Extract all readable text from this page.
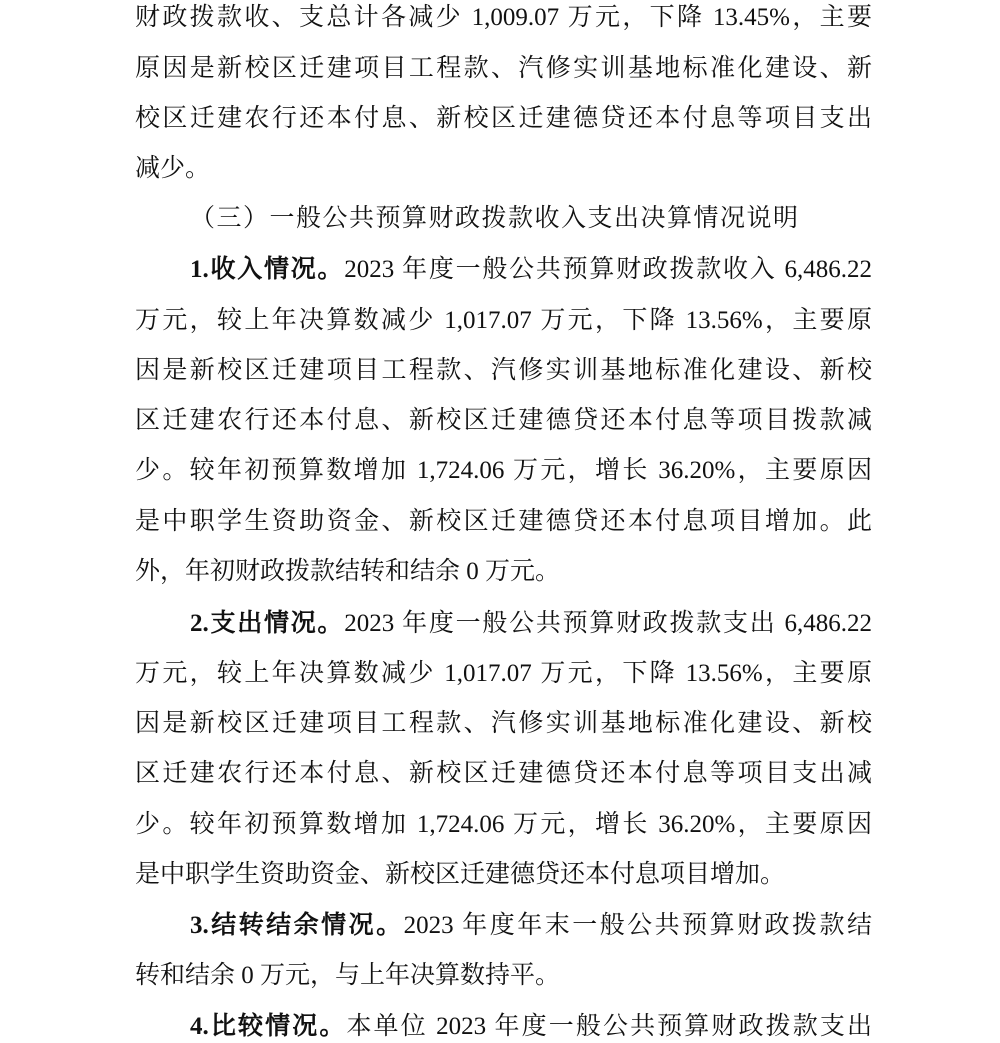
财政拨款收、支总计各减少 1,009.07 万元，下降 13.45%，主要
原因是新校区迁建项目工程款、汽修实训基地标准化建设、新
校区迁建农行还本付息、新校区迁建德贷还本付息等项目支出
减少。
（三）一般公共预算财政拨款收入支出决算情况说明
1.收入情况。2023 年度一般公共预算财政拨款收入 6,486.22
万元，较上年决算数减少 1,017.07 万元，下降 13.56%，主要原
因是新校区迁建项目工程款、汽修实训基地标准化建设、新校
区迁建农行还本付息、新校区迁建德贷还本付息等项目拨款减
少。较年初预算数增加 1,724.06 万元，增长 36.20%，主要原因
是中职学生资助资金、新校区迁建德贷还本付息项目增加。此
外，年初财政拨款结转和结余 0 万元。
2.支出情况。2023 年度一般公共预算财政拨款支出 6,486.22
万元，较上年决算数减少 1,017.07 万元，下降 13.56%，主要原
因是新校区迁建项目工程款、汽修实训基地标准化建设、新校
区迁建农行还本付息、新校区迁建德贷还本付息等项目支出减
少。较年初预算数增加 1,724.06 万元，增长 36.20%，主要原因
是中职学生资助资金、新校区迁建德贷还本付息项目增加。
3.结转结余情况。2023 年度年末一般公共预算财政拨款结
转和结余 0 万元，与上年决算数持平。
4.比较情况。本单位 2023 年度一般公共预算财政拨款支出
